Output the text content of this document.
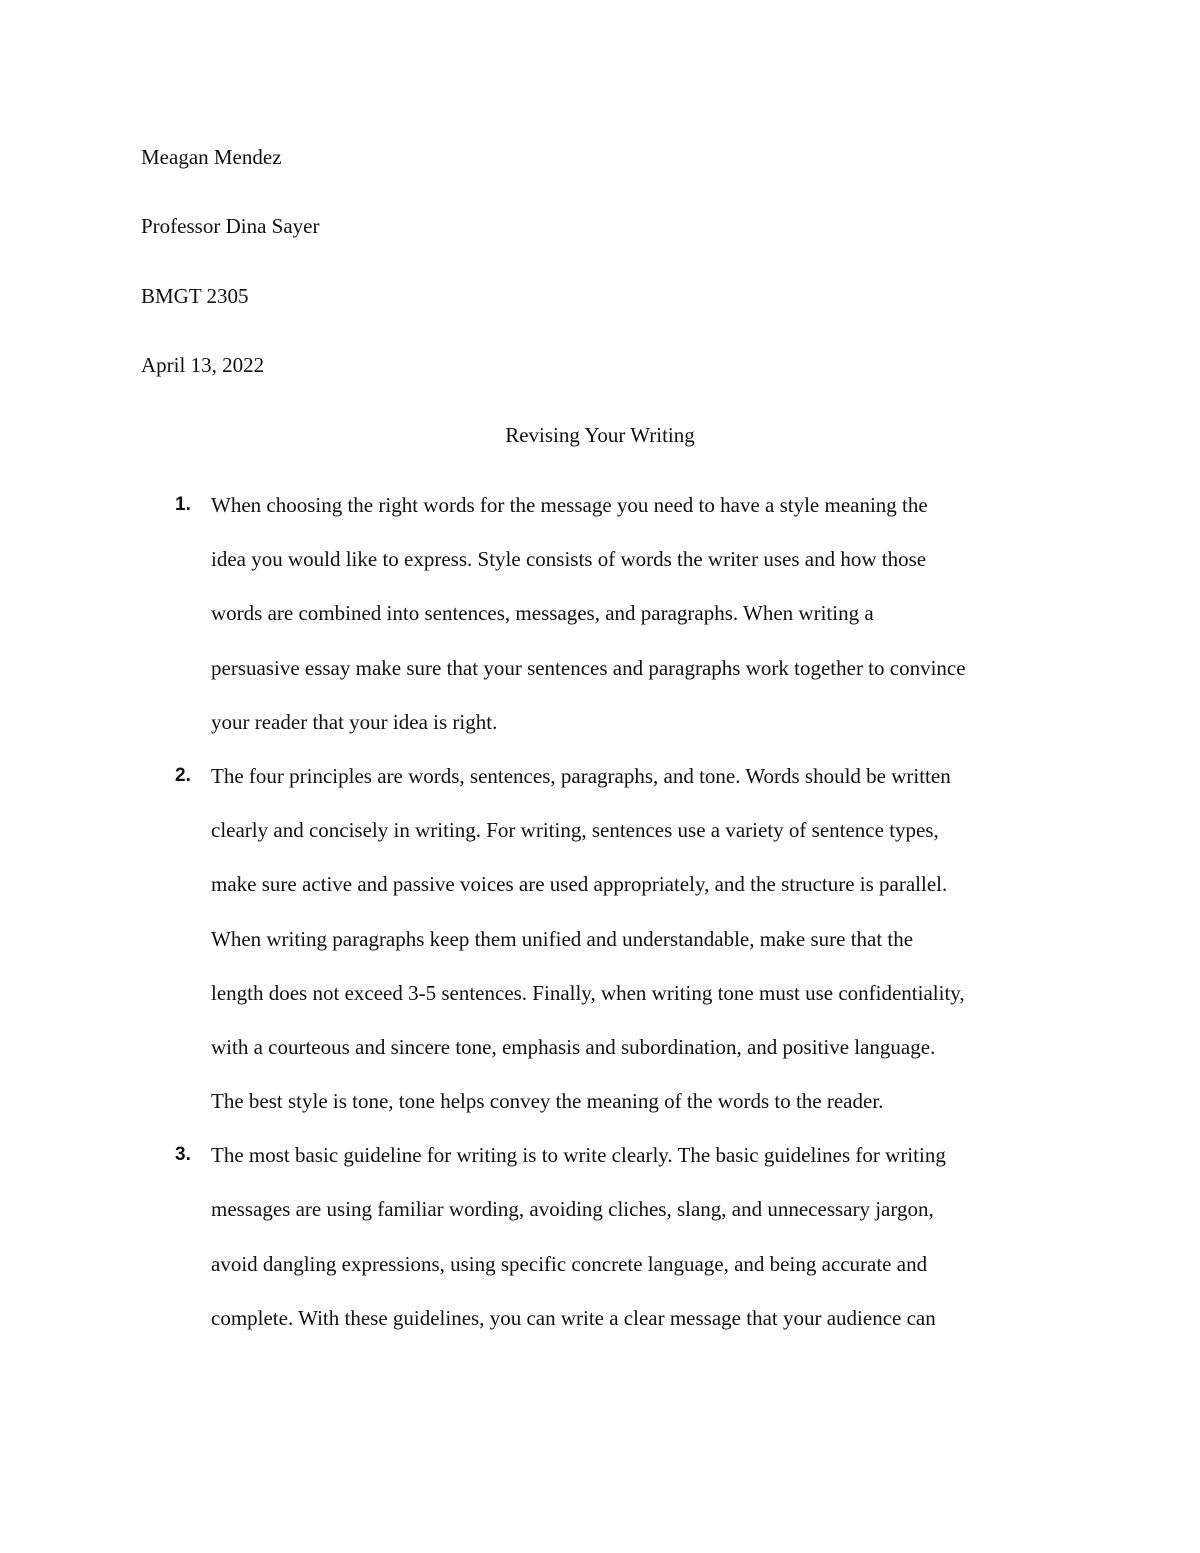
Meagan Mendez
Professor Dina Sayer
BMGT 2305
April 13, 2022
Revising Your Writing
1. When choosing the right words for the message you need to have a style meaning the
idea you would like to express. Style consists of words the writer uses and how those
words are combined into sentences, messages, and paragraphs. When writing a
persuasive essay make sure that your sentences and paragraphs work together to convince
your reader that your idea is right.
2. The four principles are words, sentences, paragraphs, and tone. Words should be written
clearly and concisely in writing. For writing, sentences use a variety of sentence types,
make sure active and passive voices are used appropriately, and the structure is parallel.
When writing paragraphs keep them unified and understandable, make sure that the
length does not exceed 3-5 sentences. Finally, when writing tone must use confidentiality,
with a courteous and sincere tone, emphasis and subordination, and positive language.
The best style is tone, tone helps convey the meaning of the words to the reader.
3. The most basic guideline for writing is to write clearly. The basic guidelines for writing
messages are using familiar wording, avoiding cliches, slang, and unnecessary jargon,
avoid dangling expressions, using specific concrete language, and being accurate and
complete. With these guidelines, you can write a clear message that your audience can
